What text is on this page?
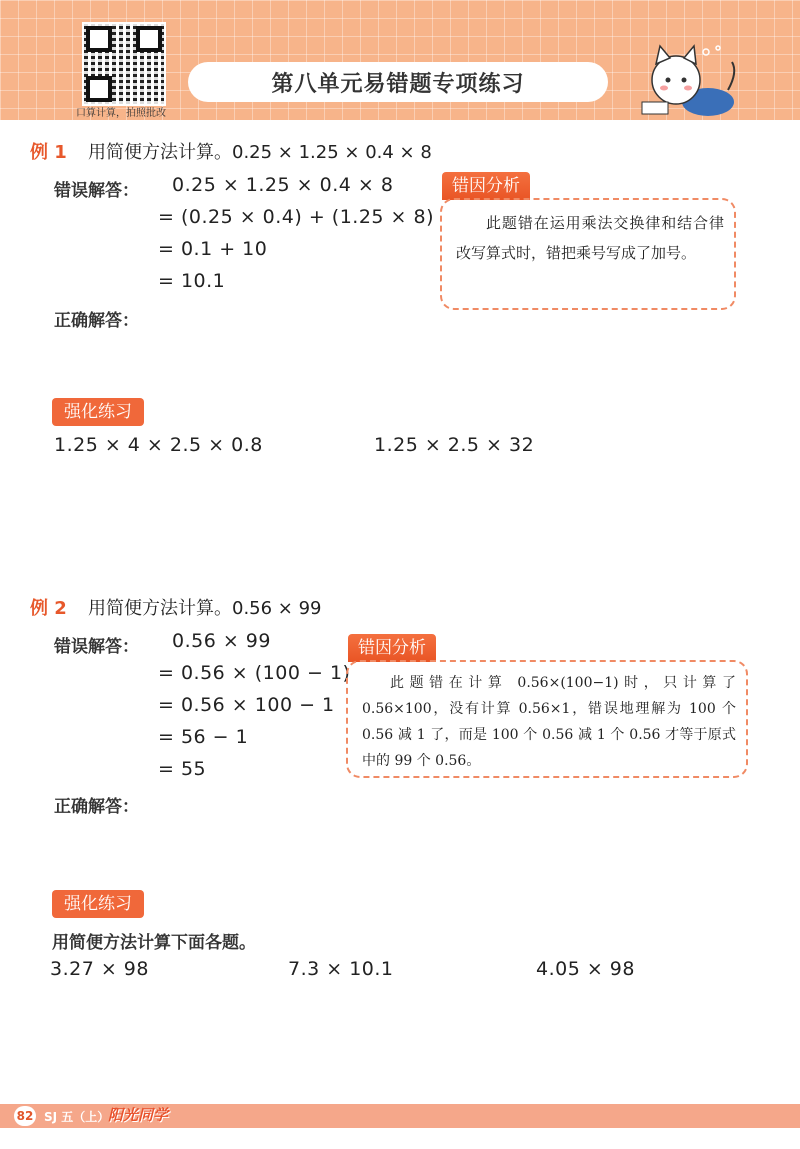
口算计算，拍照批改
第八单元易错题专项练习
例 1 用简便方法计算。0.25 × 1.25 × 0.4 × 8
错误解答： 0.25 × 1.25 × 0.4 × 8
= (0.25 × 0.4) + (1.25 × 8)
= 0.1 + 10
= 10.1
正确解答：
错因分析
此题错在运用乘法交换律和结合律改写算式时，错把乘号写成了加号。
强化练习
1.25 × 4 × 2.5 × 0.8	1.25 × 2.5 × 32
例 2 用简便方法计算。0.56 × 99
错误解答： 0.56 × 99
= 0.56 × (100 − 1)
= 0.56 × 100 − 1
= 56 − 1
= 55
正确解答：
错因分析
此题错在计算 0.56×(100−1)时，只计算了 0.56×100，没有计算 0.56×1，错误地理解为 100 个 0.56 减 1 了，而是 100 个 0.56 减 1 个 0.56 才等于原式中的 99 个 0.56。
强化练习
用简便方法计算下面各题。
3.27 × 98	7.3 × 10.1	4.05 × 98
82 SJ 五（上）
阳光同学
